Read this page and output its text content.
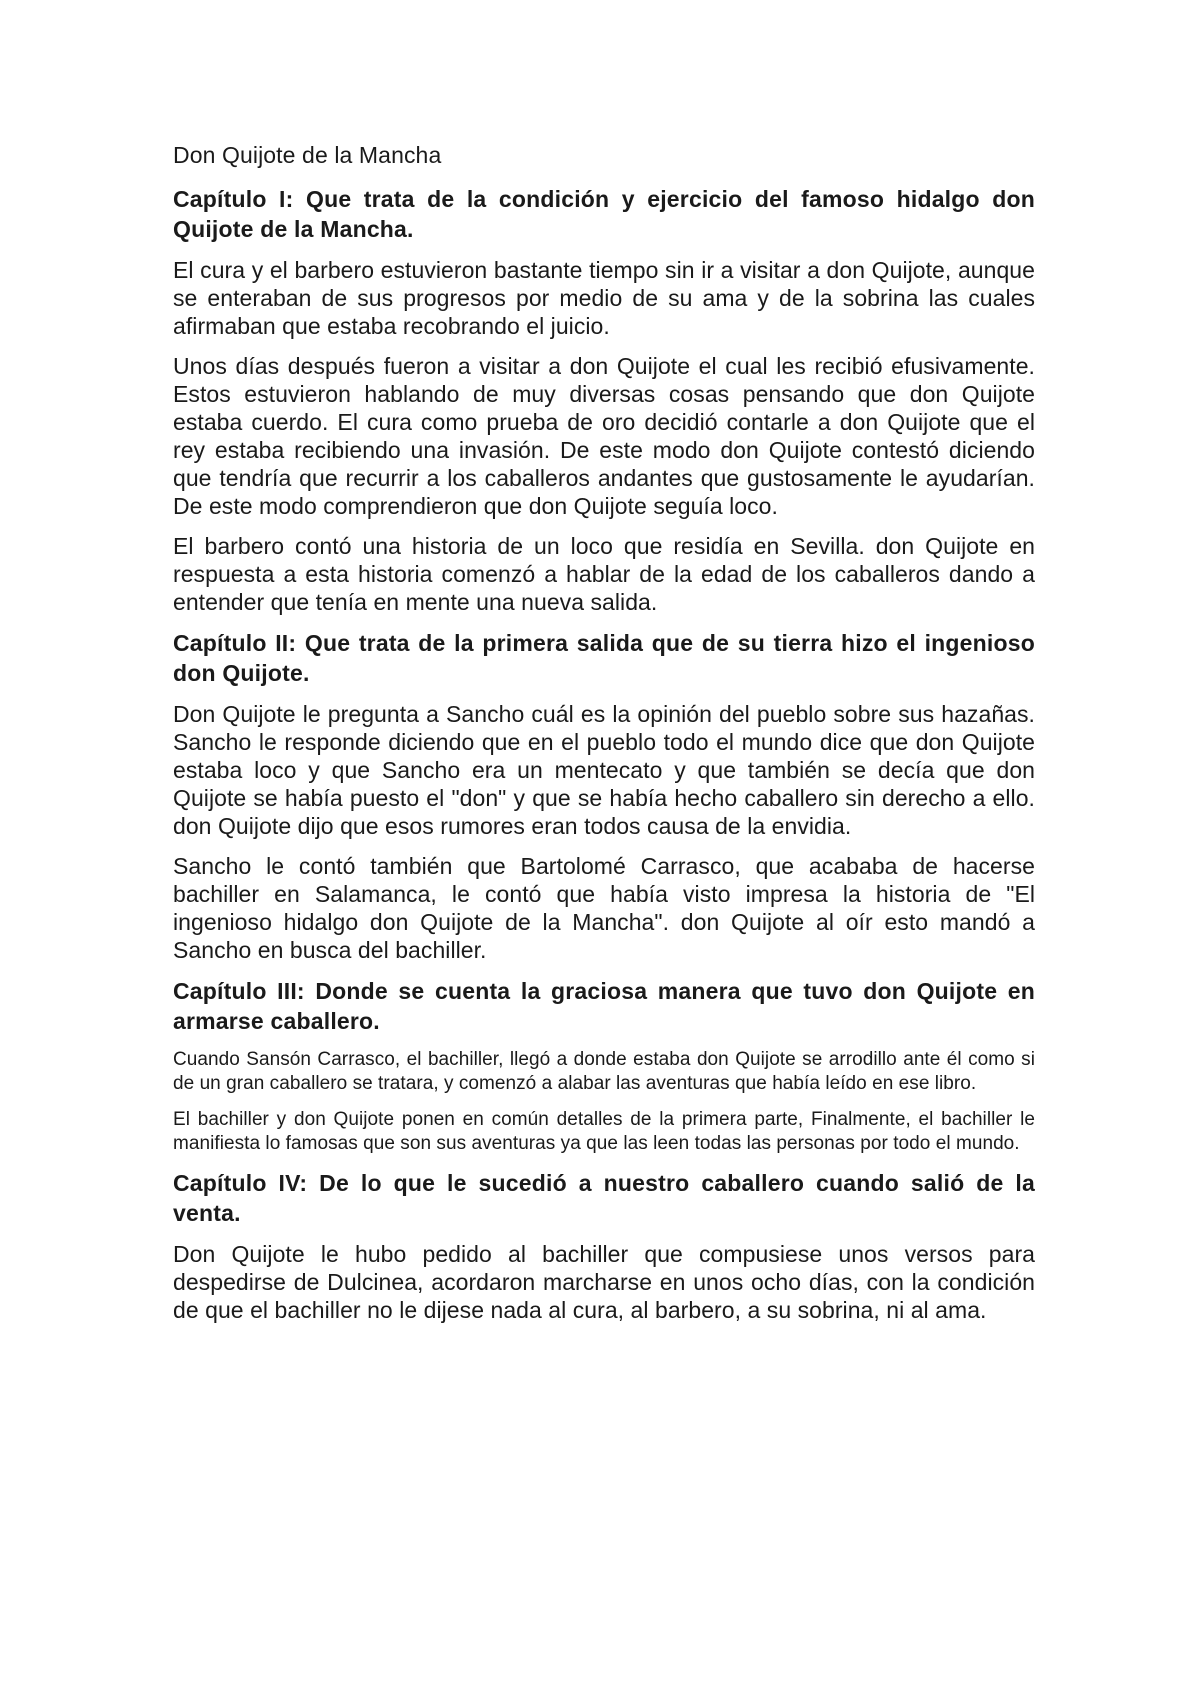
Don Quijote de la Mancha
Capítulo I: Que trata de la condición y ejercicio del famoso hidalgo don Quijote de la Mancha.

El cura y el barbero estuvieron bastante tiempo sin ir a visitar a don Quijote, aunque se enteraban de sus progresos por medio de su ama y de la sobrina las cuales afirmaban que estaba recobrando el juicio.

Unos días después fueron a visitar a don Quijote el cual les recibió efusivamente. Estos estuvieron hablando de muy diversas cosas pensando que don Quijote estaba cuerdo. El cura como prueba de oro decidió contarle a don Quijote que el rey estaba recibiendo una invasión. De este modo don Quijote contestó diciendo que tendría que recurrir a los caballeros andantes que gustosamente le ayudarían. De este modo comprendieron que don Quijote seguía loco.

El barbero contó una historia de un loco que residía en Sevilla. don Quijote en respuesta a esta historia comenzó a hablar de la edad de los caballeros dando a entender que tenía en mente una nueva salida.

Capítulo II: Que trata de la primera salida que de su tierra hizo el ingenioso don Quijote.

Don Quijote le pregunta a Sancho cuál es la opinión del pueblo sobre sus hazañas. Sancho le responde diciendo que en el pueblo todo el mundo dice que don Quijote estaba loco y que Sancho era un mentecato y que también se decía que don Quijote se había puesto el "don" y que se había hecho caballero sin derecho a ello. don Quijote dijo que esos rumores eran todos causa de la envidia.

Sancho le contó también que Bartolomé Carrasco, que acababa de hacerse bachiller en Salamanca, le contó que había visto impresa la historia de "El ingenioso hidalgo don Quijote de la Mancha". don Quijote al oír esto mandó a Sancho en busca del bachiller.

Capítulo III: Donde se cuenta la graciosa manera que tuvo don Quijote en armarse caballero.

Cuando Sansón Carrasco, el bachiller, llegó a donde estaba don Quijote se arrodillo ante él como si de un gran caballero se tratara, y comenzó a alabar las aventuras que había leído en ese libro.

El bachiller y don Quijote ponen en común detalles de la primera parte, Finalmente, el bachiller le manifiesta lo famosas que son sus aventuras ya que las leen todas las personas por todo el mundo.

Capítulo IV: De lo que le sucedió a nuestro caballero cuando salió de la venta.

Don Quijote le hubo pedido al bachiller que compusiese unos versos para despedirse de Dulcinea, acordaron marcharse en unos ocho días, con la condición de que el bachiller no le dijese nada al cura, al barbero, a su sobrina, ni al ama.
